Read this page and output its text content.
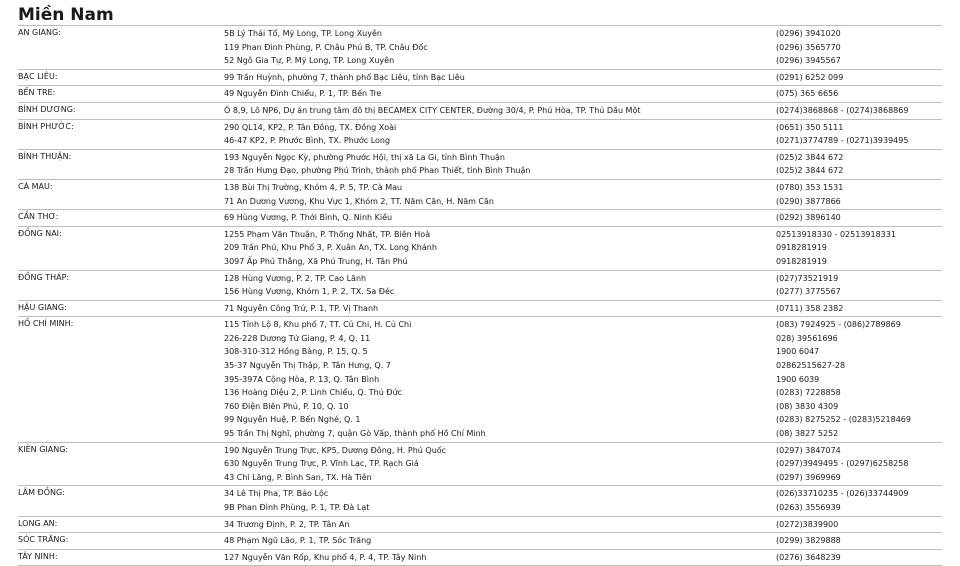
Miền Nam
AN GIANG:	5B Lý Thái Tổ, Mỹ Long, TP. Long Xuyên	(0296) 3941020
119 Phan Đình Phùng, P. Châu Phú B, TP. Châu Đốc	(0296) 3565770
52 Ngô Gia Tự, P. Mỹ Long, TP. Long Xuyên	(0296) 3945567
BẠC LIÊU:	99 Trần Huỳnh, phường 7, thành phố Bạc Liêu, tỉnh Bạc Liêu	(0291) 6252 099
BẾN TRE:	49 Nguyễn Đình Chiểu, P. 1, TP. Bến Tre	(075) 365 6656
BÌNH DƯƠNG:	Ô 8,9, Lô NP6, Dự án trung tâm đô thị BECAMEX CITY CENTER, Đường 30/4, P. Phú Hòa, TP. Thủ Dầu Một	(0274)3868868 - (0274)3868869
BÌNH PHƯỚC:	290 QL14, KP2, P. Tân Đồng, TX. Đồng Xoài	(0651) 350 5111
46-47 KP2, P. Phước Bình, TX. Phước Long	(0271)3774789 - (0271)3939495
BÌNH THUẬN:	193 Nguyễn Ngọc Kỳ, phường Phước Hội, thị xã La Gi, tỉnh Bình Thuận	(025)2 3844 672
28 Trần Hưng Đạo, phường Phú Trinh, thành phố Phan Thiết, tỉnh Bình Thuận	(025)2 3844 672
CÀ MAU:	138 Bùi Thị Trường, Khóm 4, P. 5, TP. Cà Mau	(0780) 353 1531
71 An Dương Vương, Khu Vực 1, Khóm 2, TT. Năm Căn, H. Năm Căn	(0290) 3877866
CẦN THƠ:	69 Hùng Vương, P. Thới Bình, Q. Ninh Kiều	(0292) 3896140
ĐỒNG NAI:	1255 Phạm Văn Thuận, P. Thống Nhất, TP. Biên Hoà	02513918330 - 02513918331
209 Trần Phú, Khu Phố 3, P. Xuân An, TX. Long Khánh	0918281919
3097 Ấp Phú Thắng, Xã Phú Trung, H. Tân Phú	0918281919
ĐỒNG THÁP:	128 Hùng Vương, P. 2, TP. Cao Lãnh	(027)73521919
156 Hùng Vương, Khóm 1, P. 2, TX. Sa Đéc	(0277) 3775567
HẬU GIANG:	71 Nguyễn Công Trứ, P. 1, TP. Vị Thanh	(0711) 358 2382
HỒ CHÍ MINH:	115 Tỉnh Lộ 8, Khu phố 7, TT. Củ Chi, H. Củ Chi	(083) 7924925 - (086)2789869
226-228 Dương Tử Giang, P. 4, Q. 11	028) 39561696
308-310-312 Hồng Bàng, P. 15, Q. 5	1900 6047
35-37 Nguyễn Thị Thập, P. Tân Hưng, Q. 7	02862515627-28
395-397A Cộng Hòa, P. 13, Q. Tân Bình	1900 6039
136 Hoàng Diệu 2, P. Linh Chiểu, Q. Thủ Đức	(0283) 7228858
760 Điện Biên Phủ, P. 10, Q. 10	(08) 3830 4309
99 Nguyễn Huệ, P. Bến Nghé, Q. 1	(0283) 8275252 - (0283)5218469
95 Trần Thị Nghĩ, phường 7, quận Gò Vấp, thành phố Hồ Chí Minh	(08) 3827 5252
KIÊN GIANG:	190 Nguyễn Trung Trực, KP5, Dương Đông, H. Phú Quốc	(0297) 3847074
630 Nguyễn Trung Trực, P. Vĩnh Lạc, TP. Rạch Giá	(0297)3949495 - (0297)6258258
43 Chi Lăng, P. Bình San, TX. Hà Tiên	(0297) 3969969
LÂM ĐỒNG:	34 Lê Thị Pha, TP. Bảo Lộc	(026)33710235 - (026)33744909
9B Phan Đình Phùng, P. 1, TP. Đà Lạt	(0263) 3556939
LONG AN:	34 Trương Định, P. 2, TP. Tân An	(0272)3839900
SÓC TRĂNG:	48 Phạm Ngũ Lão, P. 1, TP. Sóc Trăng	(0299) 3829888
TÂY NINH:	127 Nguyễn Văn Rốp, Khu phố 4, P. 4, TP. Tây Ninh	(0276) 3648239
